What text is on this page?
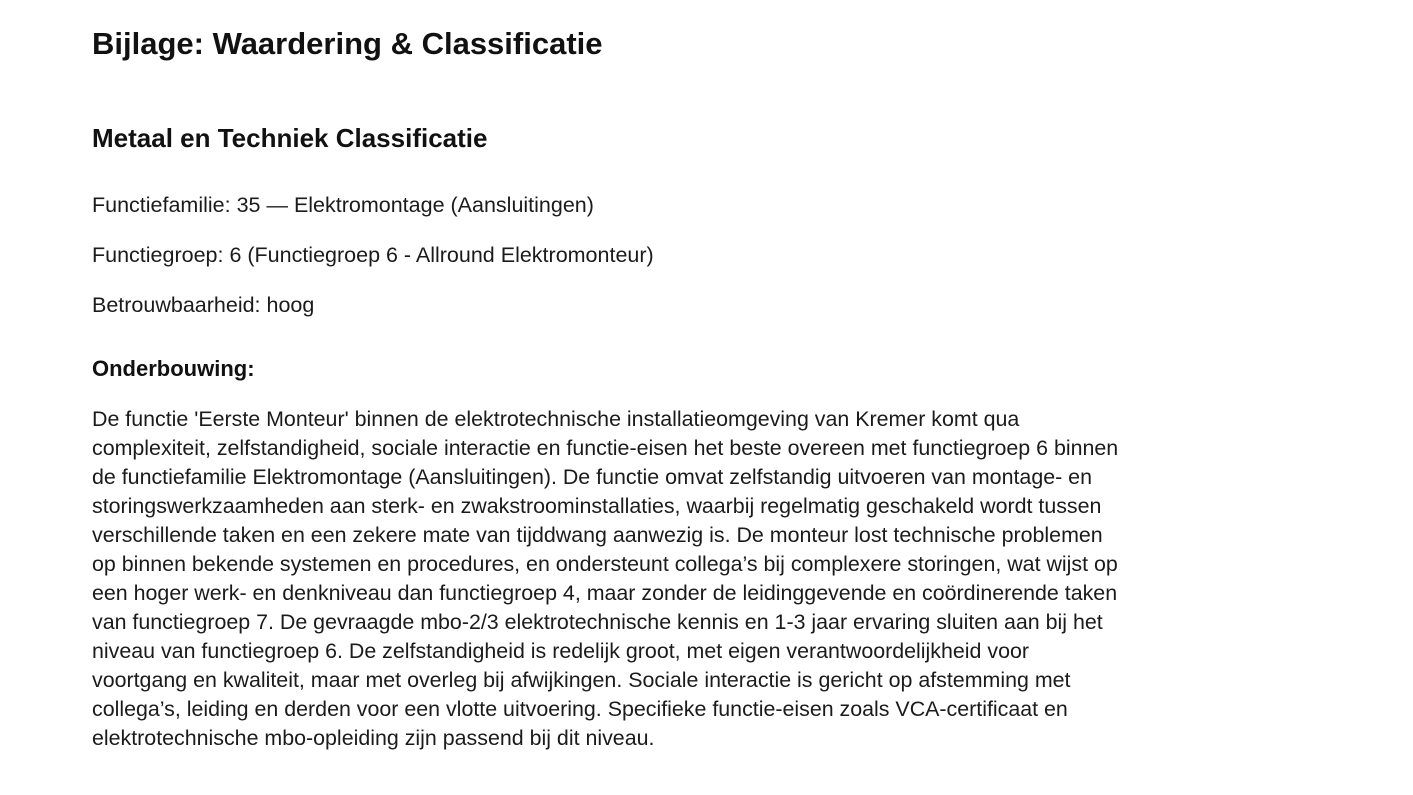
Bijlage: Waardering & Classificatie
Metaal en Techniek Classificatie

Functiefamilie: 35 — Elektromontage (Aansluitingen)

Functiegroep: 6 (Functiegroep 6 - Allround Elektromonteur)

Betrouwbaarheid: hoog

Onderbouwing:

De functie 'Eerste Monteur' binnen de elektrotechnische installatieomgeving van Kremer komt qua
complexiteit, zelfstandigheid, sociale interactie en functie-eisen het beste overeen met functiegroep 6 binnen
de functiefamilie Elektromontage (Aansluitingen). De functie omvat zelfstandig uitvoeren van montage- en
storingswerkzaamheden aan sterk- en zwakstroominstallaties, waarbij regelmatig geschakeld wordt tussen
verschillende taken en een zekere mate van tijddwang aanwezig is. De monteur lost technische problemen
op binnen bekende systemen en procedures, en ondersteunt collega’s bij complexere storingen, wat wijst op
een hoger werk- en denkniveau dan functiegroep 4, maar zonder de leidinggevende en coördinerende taken
van functiegroep 7. De gevraagde mbo-2/3 elektrotechnische kennis en 1-3 jaar ervaring sluiten aan bij het
niveau van functiegroep 6. De zelfstandigheid is redelijk groot, met eigen verantwoordelijkheid voor
voortgang en kwaliteit, maar met overleg bij afwijkingen. Sociale interactie is gericht op afstemming met
collega’s, leiding en derden voor een vlotte uitvoering. Specifieke functie-eisen zoals VCA-certificaat en
elektrotechnische mbo-opleiding zijn passend bij dit niveau.
